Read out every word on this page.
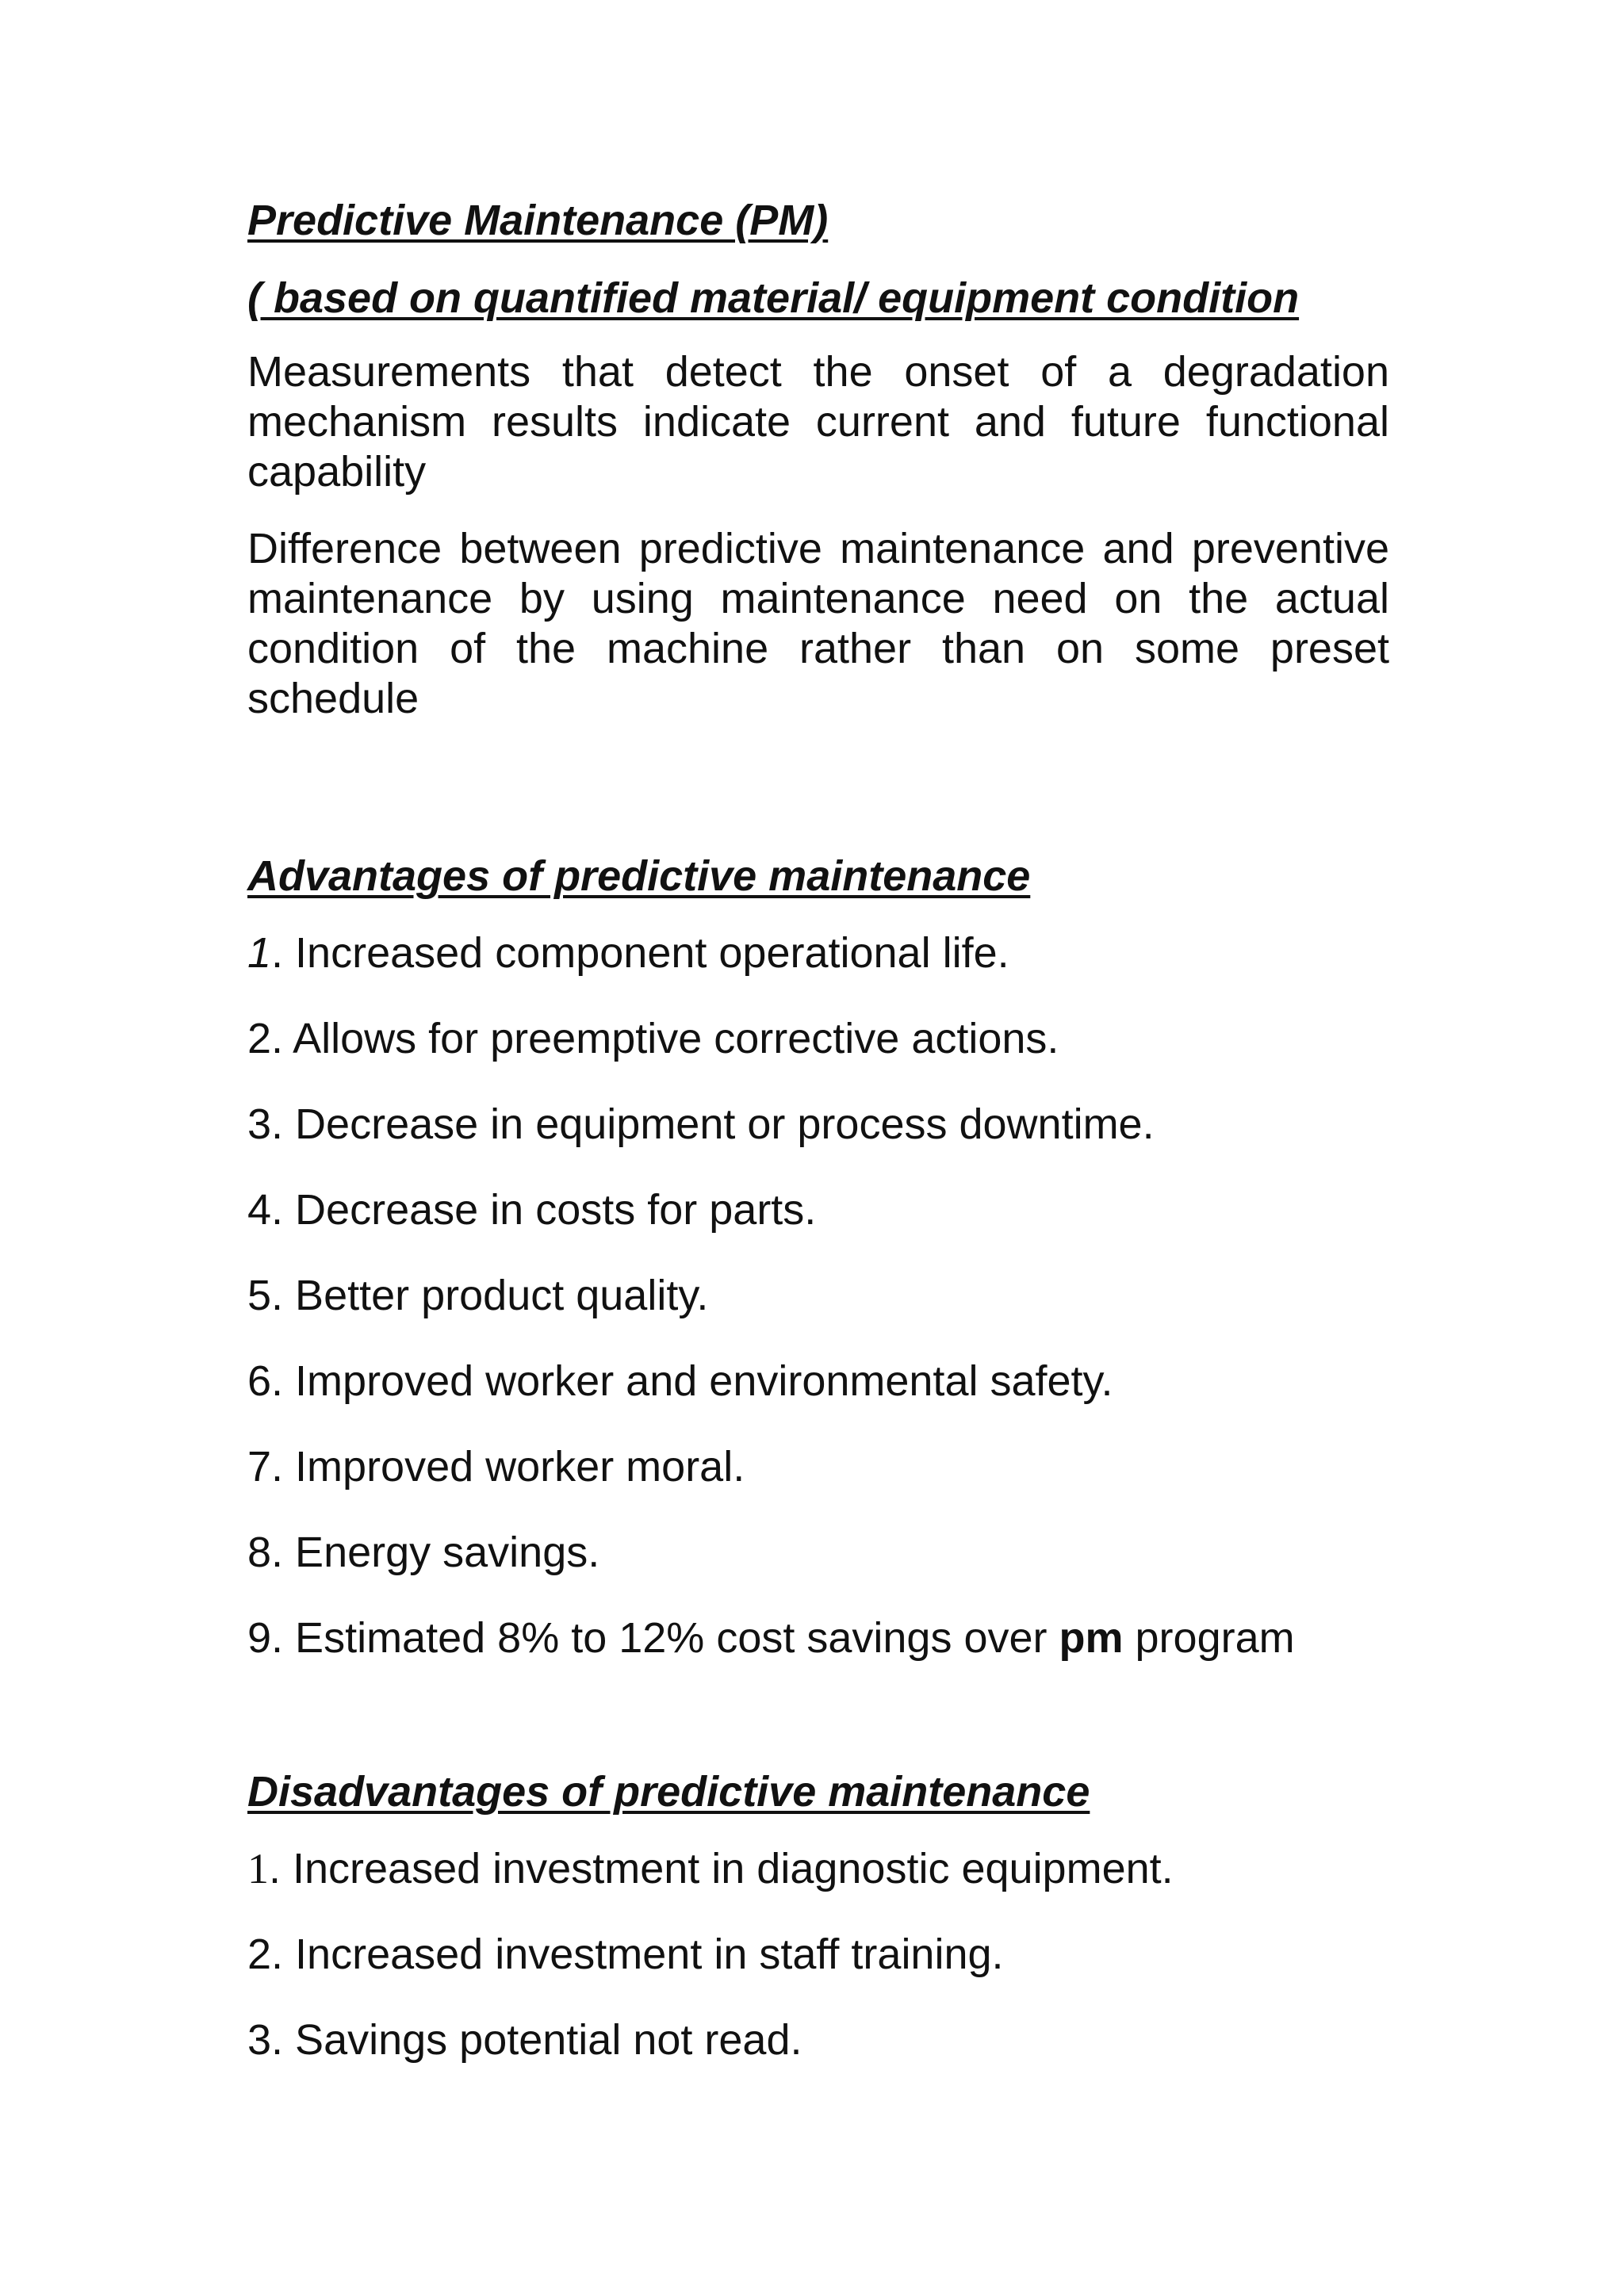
Predictive Maintenance (PM)

( based on quantified material/ equipment condition

Measurements that detect the onset of a degradation mechanism results indicate current and future functional capability

Difference between predictive maintenance and preventive maintenance by using maintenance need on the actual condition of the machine rather than on some preset schedule

Advantages of predictive maintenance

1. Increased component operational life.
2. Allows for preemptive corrective actions.
3. Decrease in equipment or process downtime.
4. Decrease in costs for parts.
5. Better product quality.
6. Improved worker and environmental safety.
7. Improved worker moral.
8. Energy savings.
9. Estimated 8% to 12% cost savings over pm program

Disadvantages of predictive maintenance

1. Increased investment in diagnostic equipment.
2. Increased investment in staff training.
3. Savings potential not read.
